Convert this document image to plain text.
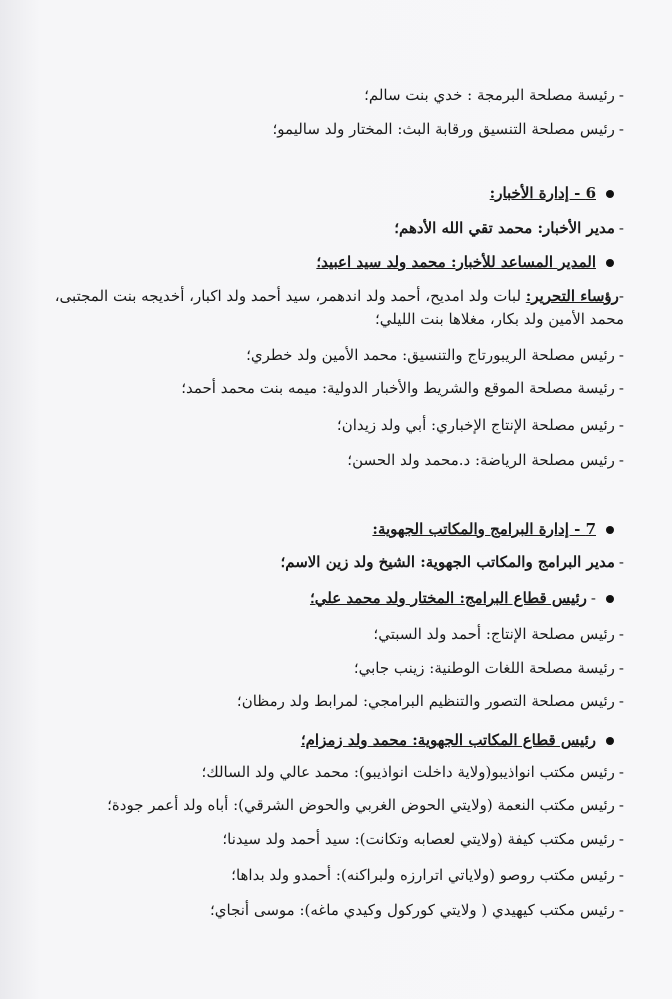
-رئيسة مصلحة البرمجة : خدي بنت سالم؛
-رئيس مصلحة التنسيق ورقابة البث: المختار ولد ساليمو؛
6 - إدارة الأخبار:
-مدير الأخبار: محمد تقي الله الأدهم؛
المدير المساعد للأخبار: محمد ولد سيد اعبيد؛
-رؤساء التحرير: لبات ولد امديح، أحمد ولد اندهمر، سيد أحمد ولد اكبار، أخديجه بنت المجتبى، محمد الأمين ولد بكار، مغلاها بنت الليلي؛
-رئيس مصلحة الريبورتاج والتنسيق: محمد الأمين ولد خطري؛
-رئيسة مصلحة الموقع والشريط والأخبار الدولية: ميمه بنت محمد أحمد؛
-رئيس مصلحة الإنتاج الإخباري: أبي ولد زيدان؛
-رئيس مصلحة الرياضة: د.محمد ولد الحسن؛
7 - إدارة البرامج والمكاتب الجهوية:
-مدير البرامج والمكاتب الجهوية: الشيخ ولد زين الاسم؛
-رئيس قطاع البرامج: المختار ولد محمد علي؛
-رئيس مصلحة الإنتاج: أحمد ولد السبتي؛
-رئيسة مصلحة اللغات الوطنية: زينب جابي؛
-رئيس مصلحة التصور والتنظيم البرامجي: لمرابط ولد رمظان؛
رئيس قطاع المكاتب الجهوية: محمد ولد زمزام؛
-رئيس مكتب انواذيبو(ولاية داخلت انواذيبو): محمد عالي ولد السالك؛
-رئيس مكتب النعمة (ولايتي الحوض الغربي والحوض الشرقي): أباه ولد أعمر جودة؛
-رئيس مكتب كيفة (ولايتي لعصابه وتكانت): سيد أحمد ولد سيدنا؛
-رئيس مكتب روصو (ولاياتي اترارزه ولبراكنه): أحمدو ولد بداها؛
-رئيس مكتب كيهيدي ( ولايتي كوركول وكيدي ماغه): موسى أنجاي؛
